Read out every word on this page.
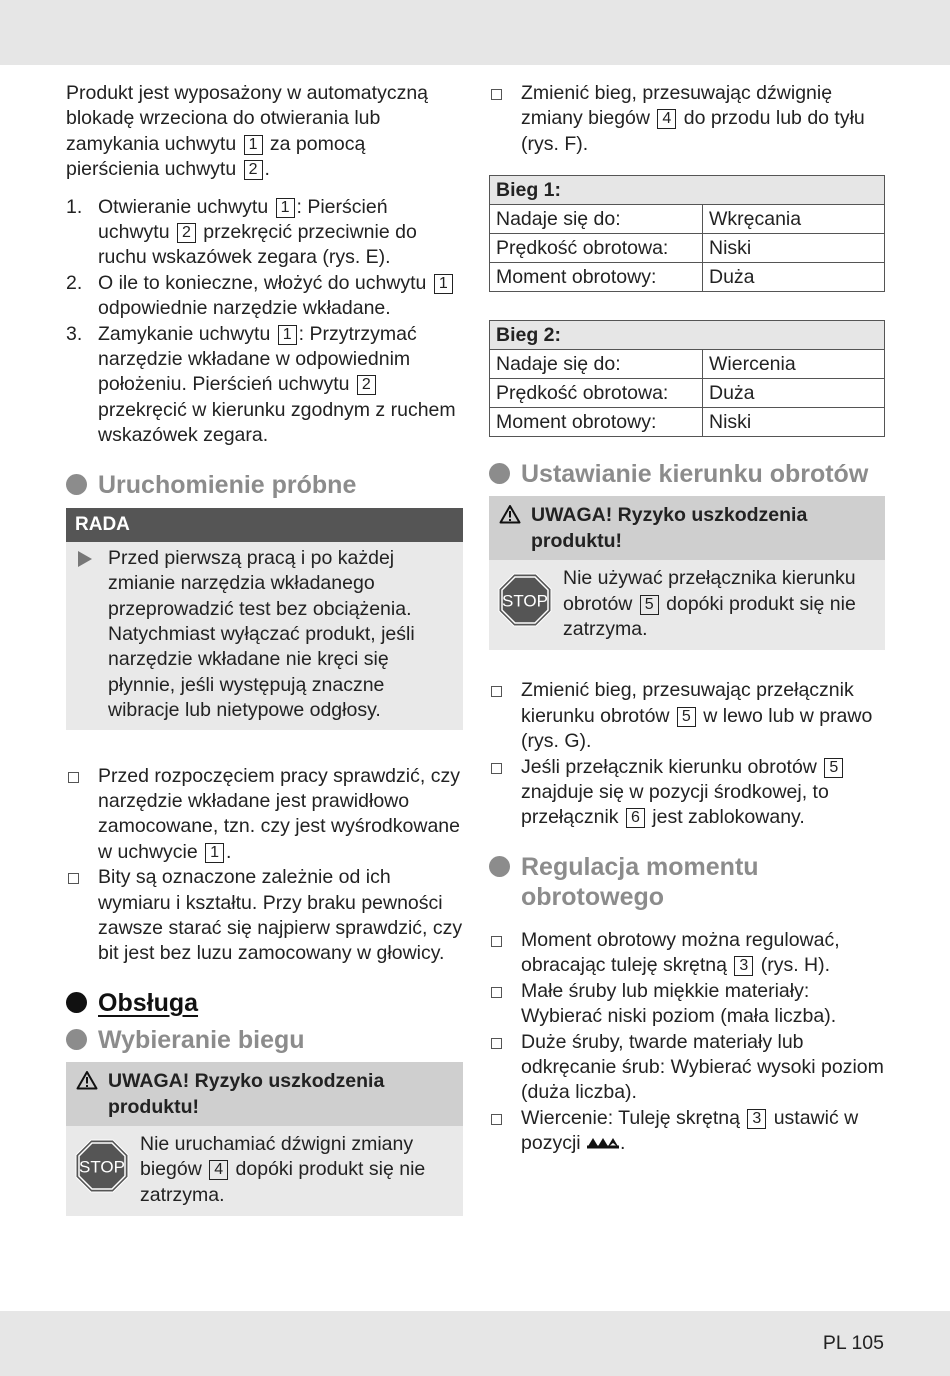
Produkt jest wyposażony w automatyczną blokadę wrzeciona do otwierania lub zamykania uchwytu 1 za pomocą pierścienia uchwytu 2 .

1. Otwieranie uchwytu 1 : Pierścień uchwytu 2 przekręcić przeciwnie do ruchu wskazówek zegara (rys. E).
2. O ile to konieczne, włożyć do uchwytu 1 odpowiednie narzędzie wkładane.
3. Zamykanie uchwytu 1 : Przytrzymać narzędzie wkładane w odpowiednim położeniu. Pierścień uchwytu 2 przekręcić w kierunku zgodnym z ruchem wskazówek zegara.
Uruchomienie próbne
RADA
Przed pierwszą pracą i po każdej zmianie narzędzia wkładanego przeprowadzić test bez obciążenia. Natychmiast wyłączać produkt, jeśli narzędzie wkładane nie kręci się płynnie, jeśli występują znaczne wibracje lub nietypowe odgłosy.
Przed rozpoczęciem pracy sprawdzić, czy narzędzie wkładane jest prawidłowo zamocowane, tzn. czy jest wyśrodkowane w uchwycie 1 .
Bity są oznaczone zależnie od ich wymiaru i kształtu. Przy braku pewności zawsze starać się najpierw sprawdzić, czy bit jest bez luzu zamocowany w głowicy.
Obsługa
Wybieranie biegu
UWAGA! Ryzyko uszkodzenia produktu!
STOP
Nie uruchamiać dźwigni zmiany biegów 4 dopóki produkt się nie zatrzyma.
Zmienić bieg, przesuwając dźwignię zmiany biegów 4 do przodu lub do tyłu (rys. F).
Bieg 1:	
Nadaje się do:	Wkręcania
Prędkość obrotowa:	Niski
Moment obrotowy:	Duża
Bieg 2:	
Nadaje się do:	Wiercenia
Prędkość obrotowa:	Duża
Moment obrotowy:	Niski
Ustawianie kierunku obrotów
UWAGA! Ryzyko uszkodzenia produktu!
STOP
Nie używać przełącznika kierunku obrotów 5 dopóki produkt się nie zatrzyma.
Zmienić bieg, przesuwając przełącznik kierunku obrotów 5 w lewo lub w prawo (rys. G).
Jeśli przełącznik kierunku obrotów 5 znajduje się w pozycji środkowej, to przełącznik 6 jest zablokowany.
Regulacja momentu obrotowego
Moment obrotowy można regulować, obracając tuleję skrętną 3 (rys. H).
Małe śruby lub miękkie materiały: Wybierać niski poziom (mała liczba).
Duże śruby, twarde materiały lub odkręcanie śrub: Wybierać wysoki poziom (duża liczba).
Wiercenie: Tuleję skrętną 3 ustawić w pozycji .
PL 105
